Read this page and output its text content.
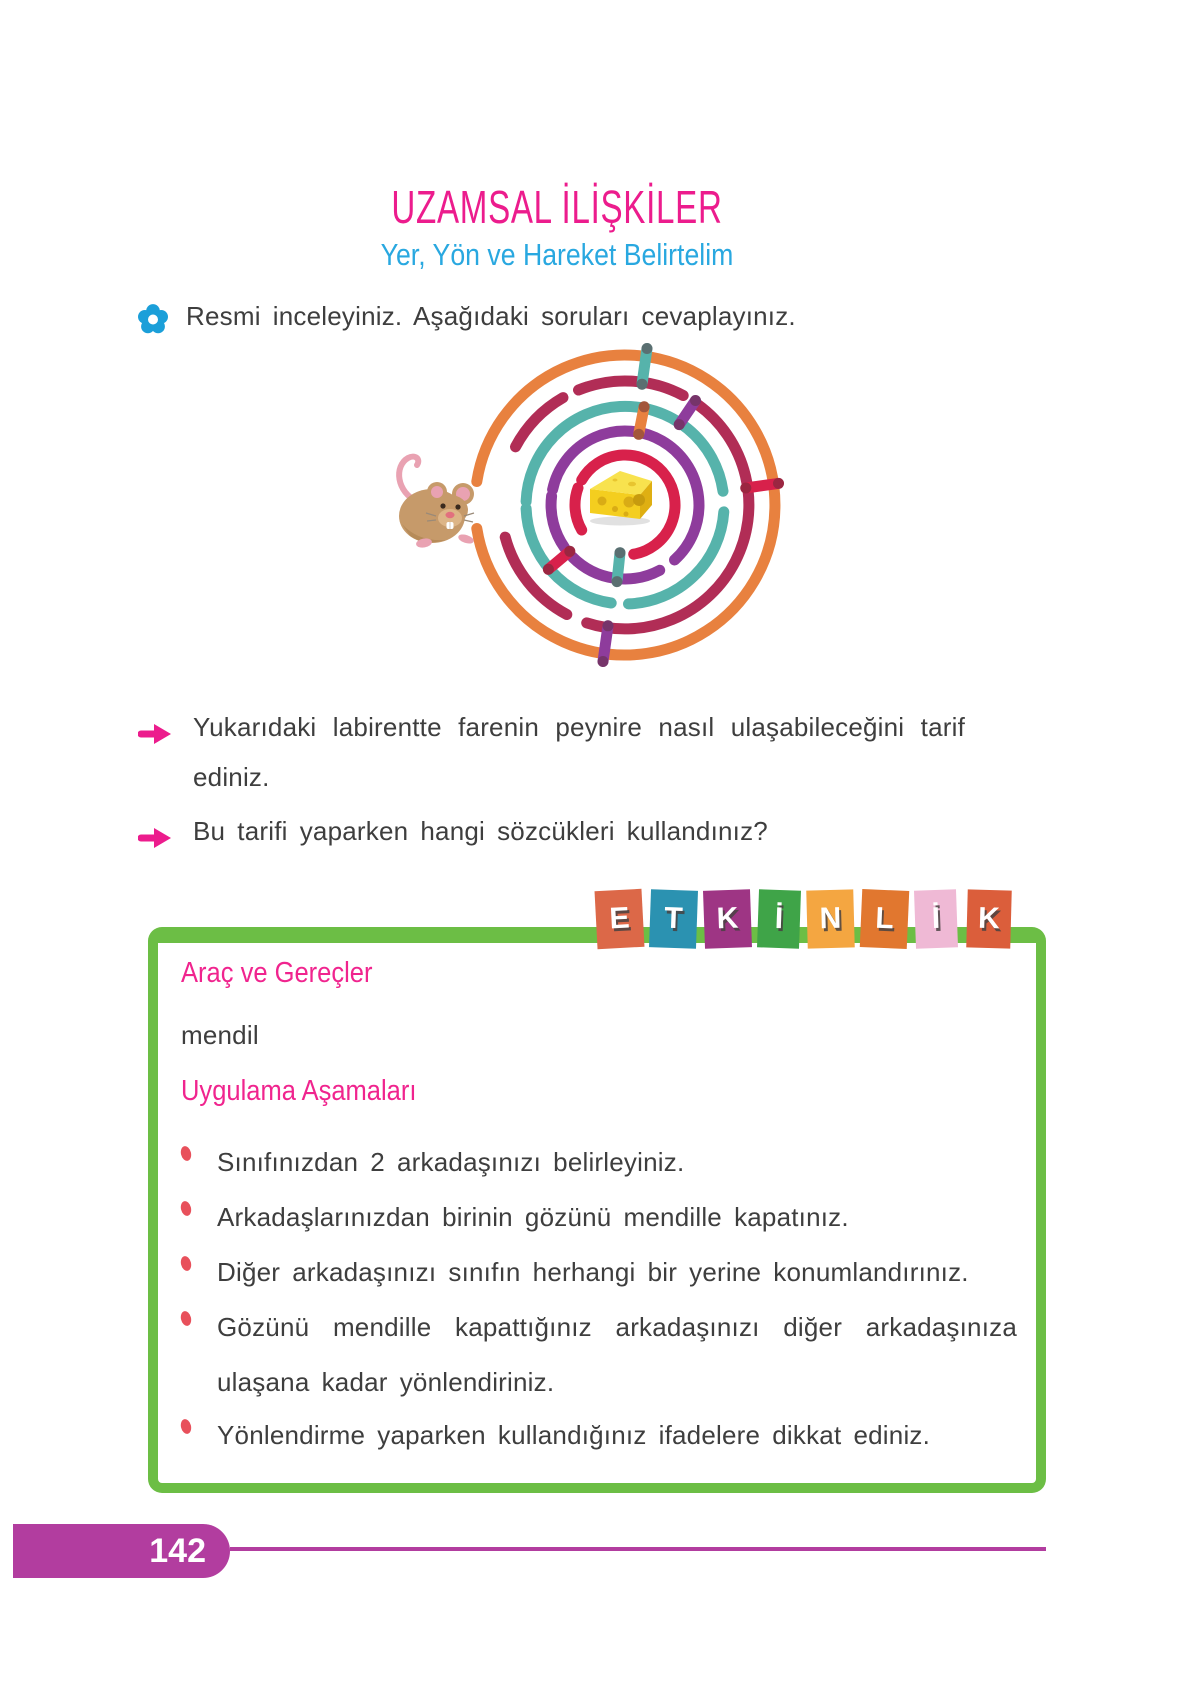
UZAMSAL İLİŞKİLER
Yer, Yön ve Hareket Belirtelim
Resmi inceleyiniz. Aşağıdaki soruları cevaplayınız.
Yukarıdaki labirentte farenin peynire nasıl ulaşabileceğini tarif ediniz.
Bu tarifi yaparken hangi sözcükleri kullandınız?
E	T	K	İ	N	L	İ	K
Araç ve Gereçler
mendil
Uygulama Aşamaları
Sınıfınızdan 2 arkadaşınızı belirleyiniz.
Arkadaşlarınızdan birinin gözünü mendille kapatınız.
Diğer arkadaşınızı sınıfın herhangi bir yerine konumlandırınız.
Gözünü mendille kapattığınız arkadaşınızı diğer arkadaşınıza ulaşana kadar yönlendiriniz.
Yönlendirme yaparken kullandığınız ifadelere dikkat ediniz.
142
